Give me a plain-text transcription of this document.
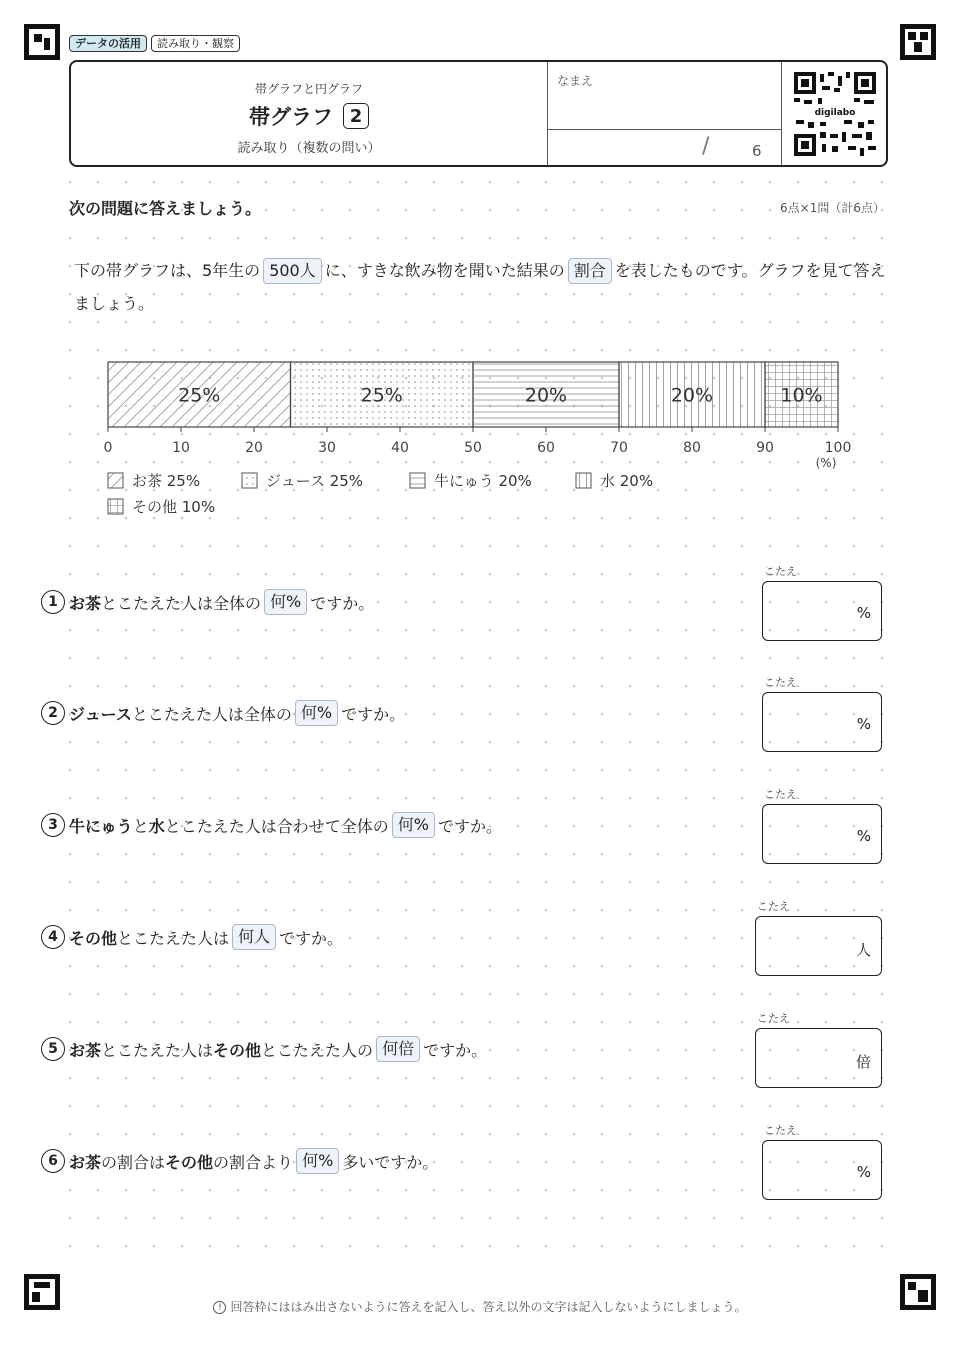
データの活用	読み取り・観察
帯グラフと円グラフ
帯グラフ 2
読み取り（複数の問い）
なまえ
/	6
digilabo
次の問題に答えましょう。	6点×1問（計6点）
下の帯グラフは、5年生の 500人 に、すきな飲み物を聞いた結果の 割合 を表したものです。グラフを見て答えましょう。
25%	25%	20%	20%	10%
0	10	20	30	40	50	60	70	80	90	100
(%)
お茶 25%	ジュース 25%	牛にゅう 20%	水 20%
その他 10%
1 お茶 とこたえた人は全体の 何% ですか。
こたえ
%
2 ジュース とこたえた人は全体の 何% ですか。
こたえ
%
3 牛にゅう と 水 とこたえた人は合わせて全体の 何% ですか。
こたえ
%
4 その他 とこたえた人は 何人 ですか。
こたえ
人
5 お茶 とこたえた人は その他 とこたえた人の 何倍 ですか。
こたえ
倍
6 お茶 の割合は その他 の割合より 何% 多いですか。
こたえ
%
! 回答枠にははみ出さないように答えを記入し、答え以外の文字は記入しないようにしましょう。
